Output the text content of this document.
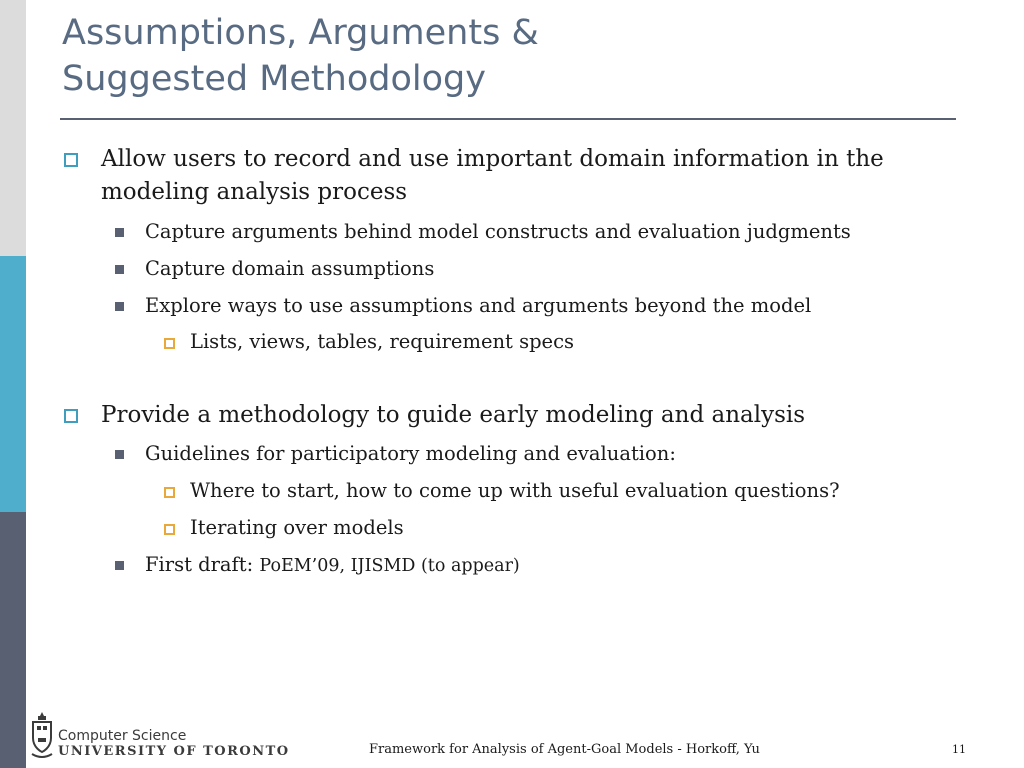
Assumptions, Arguments &
Suggested Methodology
Allow users to record and use important domain information in the
modeling analysis process
Capture arguments behind model constructs and evaluation judgments
Capture domain assumptions
Explore ways to use assumptions and arguments beyond the model
Lists, views, tables, requirement specs
Provide a methodology to guide early modeling and analysis
Guidelines for participatory modeling and evaluation:
Where to start, how to come up with useful evaluation questions?
Iterating over models
First draft: PoEM’09, IJISMD (to appear)
Computer Science
UNIVERSITY OF TORONTO	Framework for Analysis of Agent-Goal Models - Horkoff, Yu	11
